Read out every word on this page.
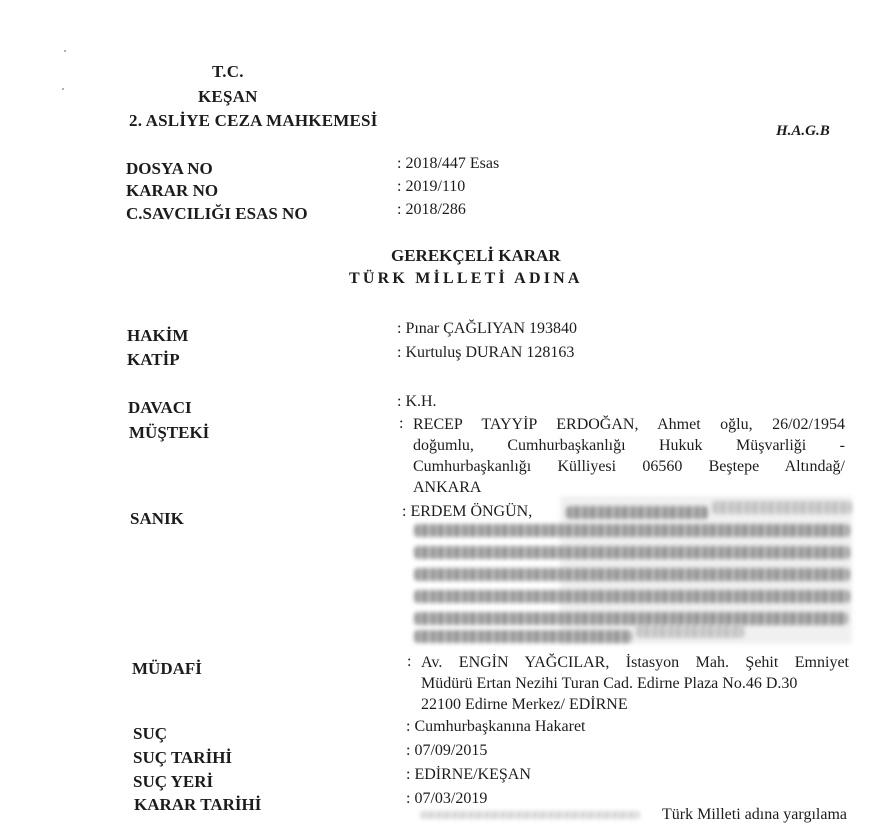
T.C.
KEŞAN
2. ASLİYE CEZA MAHKEMESİ
H.A.G.B
DOSYA NO	: 2018/447 Esas
KARAR NO	: 2019/110
C.SAVCILIĞI ESAS NO	: 2018/286
GEREKÇELİ KARAR
TÜRK MİLLETİ ADINA
HAKİM	: Pınar ÇAĞLIYAN 193840
KATİP	: Kurtuluş DURAN 128163
DAVACI	: K.H.
MÜŞTEKİ	: RECEP TAYYİP ERDOĞAN, Ahmet oğlu, 26/02/1954
doğumlu, Cumhurbaşkanlığı Hukuk Müşvarliği -
Cumhurbaşkanlığı Külliyesi 06560 Beştepe Altındağ/
ANKARA
SANIK	: ERDEM ÖNGÜN,
MÜDAFİ	: Av. ENGİN YAĞCILAR, İstasyon Mah. Şehit Emniyet
Müdürü Ertan Nezihi Turan Cad. Edirne Plaza No.46 D.30
22100 Edirne Merkez/ EDİRNE
SUÇ	: Cumhurbaşkanına Hakaret
SUÇ TARİHİ	: 07/09/2015
SUÇ YERİ	: EDİRNE/KEŞAN
KARAR TARİHİ	: 07/03/2019
Türk Milleti adına yargılama
